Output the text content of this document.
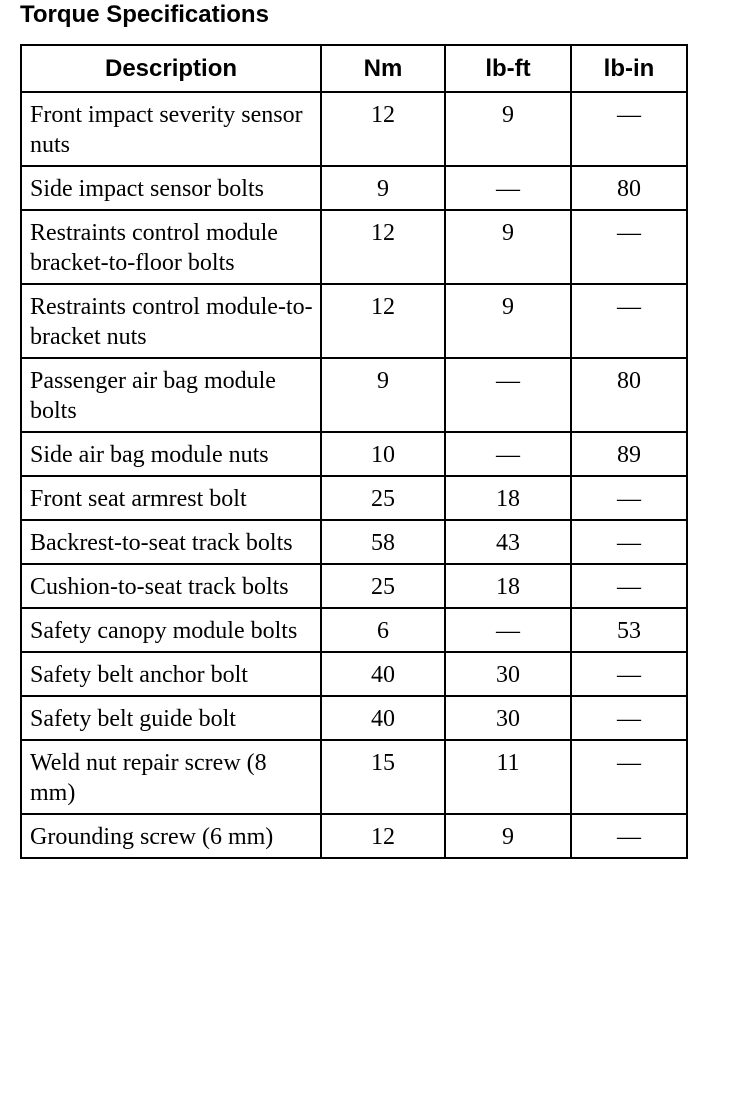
Torque Specifications
Description	Nm	lb-ft	lb-in
Front impact severity sensor nuts	12	9	—
Side impact sensor bolts	9	—	80
Restraints control module bracket-to-floor bolts	12	9	—
Restraints control module-to-bracket nuts	12	9	—
Passenger air bag module bolts	9	—	80
Side air bag module nuts	10	—	89
Front seat armrest bolt	25	18	—
Backrest-to-seat track bolts	58	43	—
Cushion-to-seat track bolts	25	18	—
Safety canopy module bolts	6	—	53
Safety belt anchor bolt	40	30	—
Safety belt guide bolt	40	30	—
Weld nut repair screw (8 mm)	15	11	—
Grounding screw (6 mm)	12	9	—
